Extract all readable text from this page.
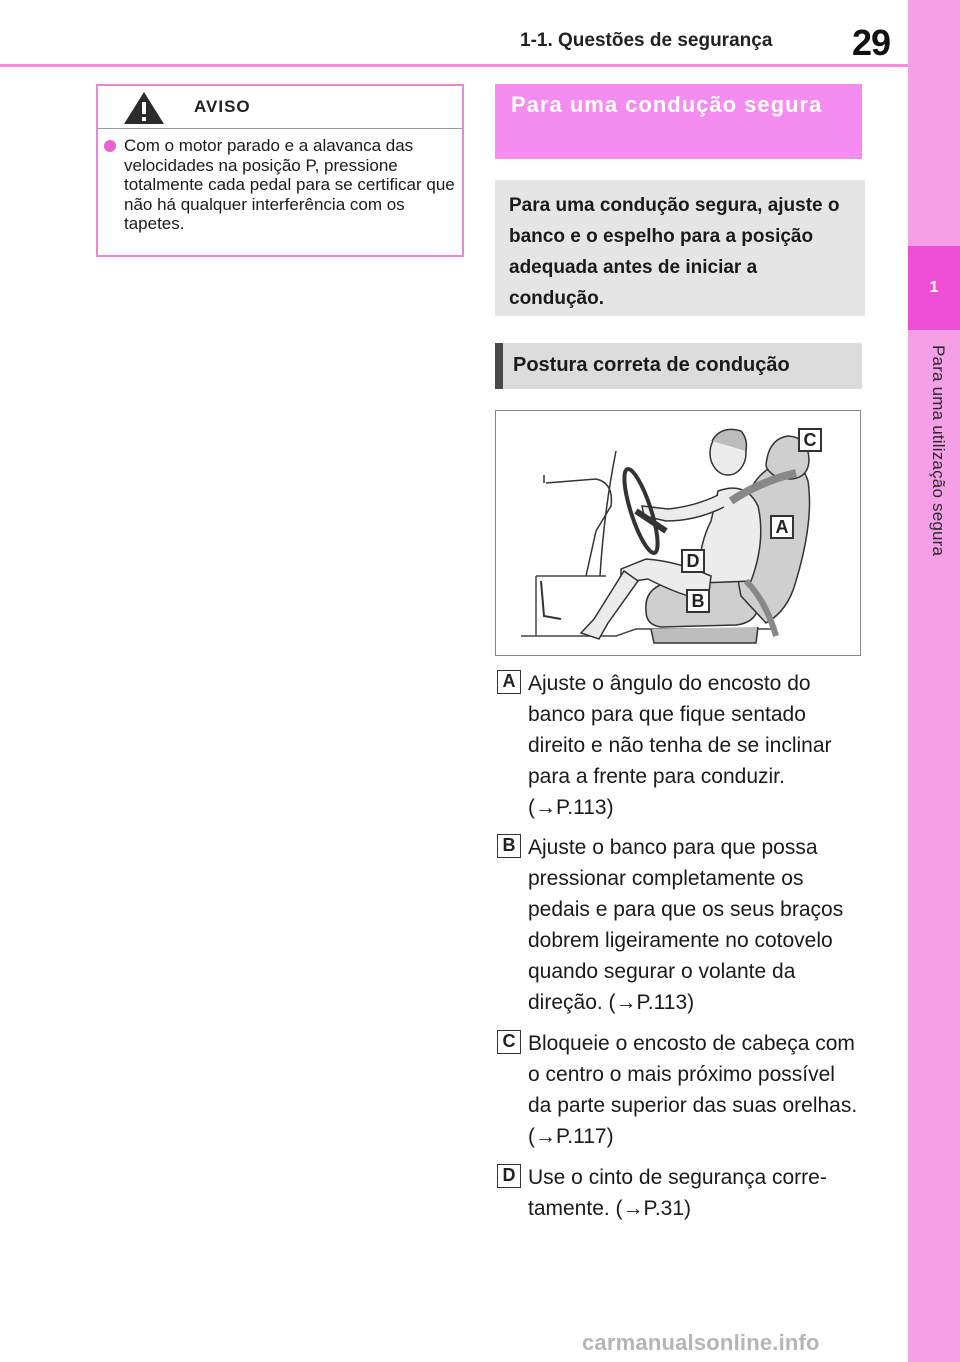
1-1. Questões de segurança 29
1
Para uma utilização segura
AVISO
Com o motor parado e a alavanca das velocidades na posição P, pressione totalmente cada pedal para se certificar que não há qualquer interferência com os tapetes.
Para uma condução segura
Para uma condução segura, ajuste o banco e o espelho para a posição adequada antes de iniciar a condução.
Postura correta de condução
C
A
D
B
A Ajuste o ângulo do encosto do banco para que fique sentado direito e não tenha de se inclinar para a frente para conduzir. (→P.113)
B Ajuste o banco para que possa pressionar completamente os pedais e para que os seus braços dobrem ligeiramente no cotovelo quando segurar o volante da direção. (→P.113)
C Bloqueie o encosto de cabeça com o centro o mais próximo possível da parte superior das suas orelhas. (→P.117)
D Use o cinto de segurança corretamente. (→P.31)
carmanualsonline.info
